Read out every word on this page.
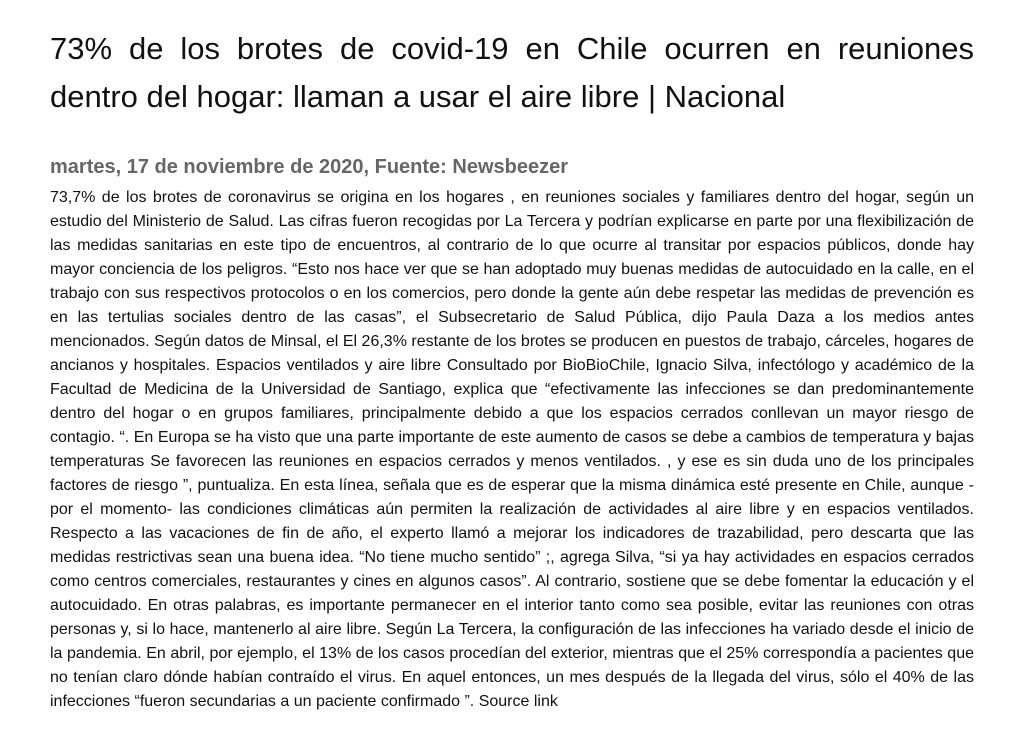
73% de los brotes de covid-19 en Chile ocurren en reuniones dentro del hogar: llaman a usar el aire libre | Nacional
martes, 17 de noviembre de 2020, Fuente: Newsbeezer

73,7% de los brotes de coronavirus se origina en los hogares , en reuniones sociales y familiares dentro del hogar, según un estudio del Ministerio de Salud. Las cifras fueron recogidas por La Tercera y podrían explicarse en parte por una flexibilización de las medidas sanitarias en este tipo de encuentros, al contrario de lo que ocurre al transitar por espacios públicos, donde hay mayor conciencia de los peligros. “Esto nos hace ver que se han adoptado muy buenas medidas de autocuidado en la calle, en el trabajo con sus respectivos protocolos o en los comercios, pero donde la gente aún debe respetar las medidas de prevención es en las tertulias sociales dentro de las casas”, el Subsecretario de Salud Pública, dijo Paula Daza a los medios antes mencionados. Según datos de Minsal, el El 26,3% restante de los brotes se producen en puestos de trabajo, cárceles, hogares de ancianos y hospitales. Espacios ventilados y aire libre Consultado por BioBioChile, Ignacio Silva, infectólogo y académico de la Facultad de Medicina de la Universidad de Santiago, explica que “efectivamente las infecciones se dan predominantemente dentro del hogar o en grupos familiares, principalmente debido a que los espacios cerrados conllevan un mayor riesgo de contagio. “. En Europa se ha visto que una parte importante de este aumento de casos se debe a cambios de temperatura y bajas temperaturas Se favorecen las reuniones en espacios cerrados y menos ventilados. , y ese es sin duda uno de los principales factores de riesgo ”, puntualiza. En esta línea, señala que es de esperar que la misma dinámica esté presente en Chile, aunque -por el momento- las condiciones climáticas aún permiten la realización de actividades al aire libre y en espacios ventilados. Respecto a las vacaciones de fin de año, el experto llamó a mejorar los indicadores de trazabilidad, pero descarta que las medidas restrictivas sean una buena idea. “No tiene mucho sentido” ;, agrega Silva, “si ya hay actividades en espacios cerrados como centros comerciales, restaurantes y cines en algunos casos”. Al contrario, sostiene que se debe fomentar la educación y el autocuidado. En otras palabras, es importante permanecer en el interior tanto como sea posible, evitar las reuniones con otras personas y, si lo hace, mantenerlo al aire libre. Según La Tercera, la configuración de las infecciones ha variado desde el inicio de la pandemia. En abril, por ejemplo, el 13% de los casos procedían del exterior, mientras que el 25% correspondía a pacientes que no tenían claro dónde habían contraído el virus. En aquel entonces, un mes después de la llegada del virus, sólo el 40% de las infecciones “fueron secundarias a un paciente confirmado ”. Source link
